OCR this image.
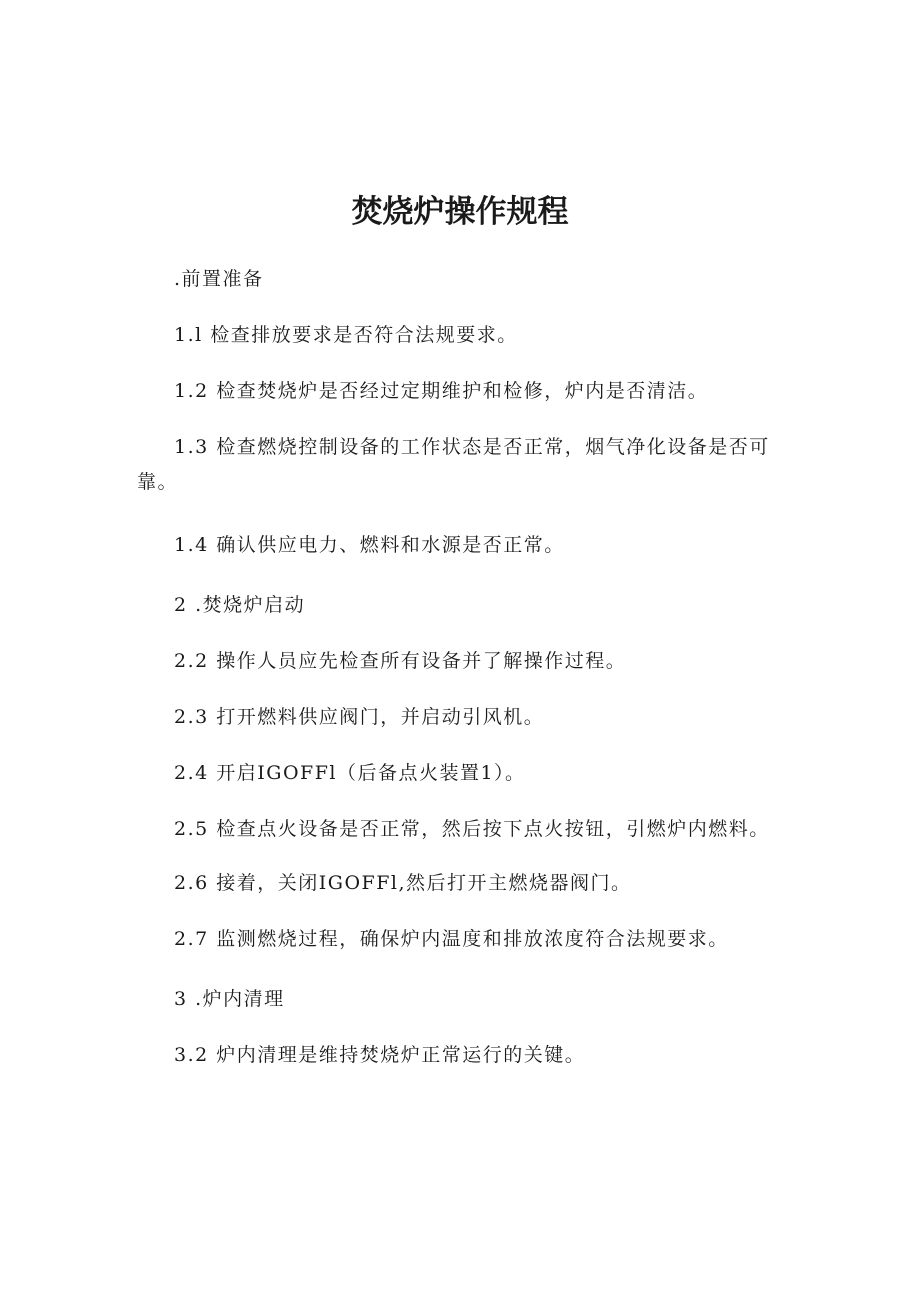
焚烧炉操作规程
.前置准备
1.l 检查排放要求是否符合法规要求。
1.2 检查焚烧炉是否经过定期维护和检修，炉内是否清洁。
1.3 检查燃烧控制设备的工作状态是否正常，烟气净化设备是否可
靠。
1.4 确认供应电力、燃料和水源是否正常。
2 .焚烧炉启动
2.2 操作人员应先检查所有设备并了解操作过程。
2.3 打开燃料供应阀门，并启动引风机。
2.4 开启IGOFFl（后备点火装置1）。
2.5 检查点火设备是否正常，然后按下点火按钮，引燃炉内燃料。
2.6 接着，关闭IGOFFl,然后打开主燃烧器阀门。
2.7 监测燃烧过程，确保炉内温度和排放浓度符合法规要求。
3 .炉内清理
3.2 炉内清理是维持焚烧炉正常运行的关键。
